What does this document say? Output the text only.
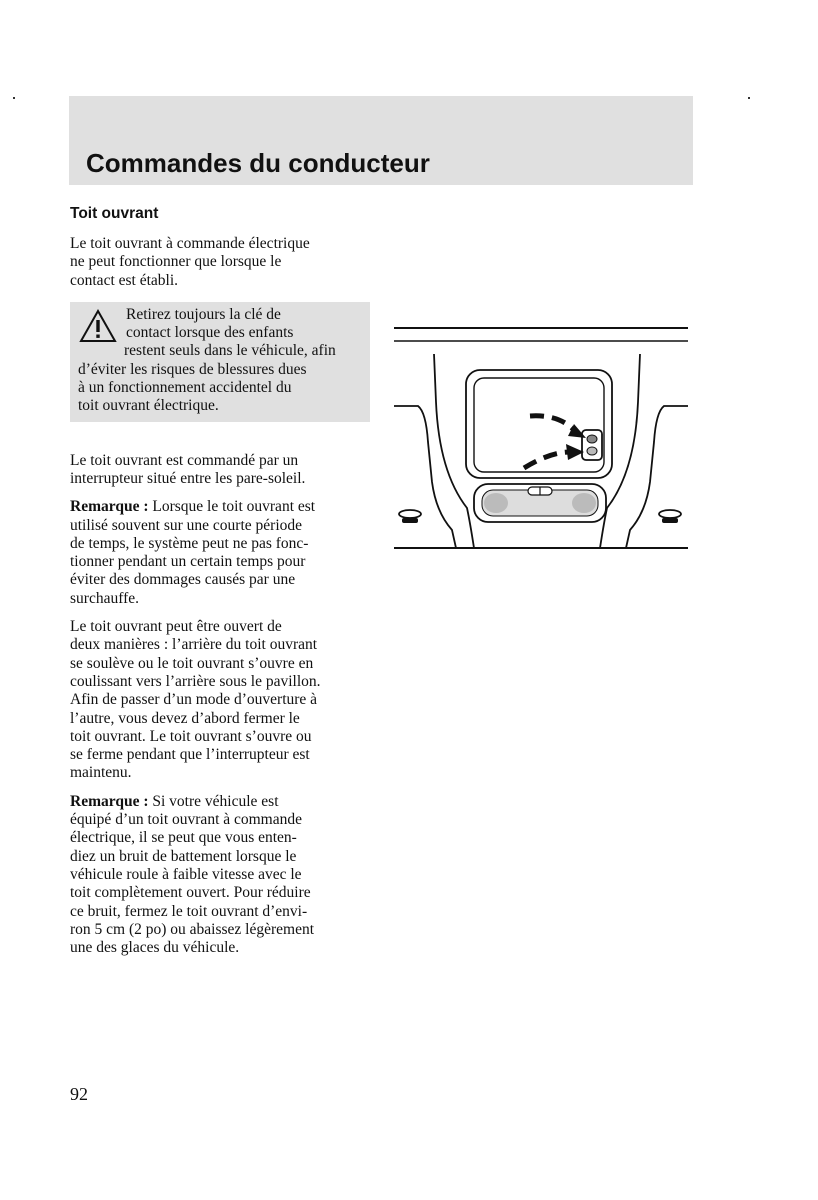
Commandes du conducteur
Toit ouvrant

Le toit ouvrant à commande électrique
ne peut fonctionner que lorsque le
contact est établi.

Retirez toujours la clé de
contact lorsque des enfants
restent seuls dans le véhicule, afin
d’éviter les risques de blessures dues
à un fonctionnement accidentel du
toit ouvrant électrique.

Le toit ouvrant est commandé par un
interrupteur situé entre les pare-soleil.

Remarque : Lorsque le toit ouvrant est
utilisé souvent sur une courte période
de temps, le système peut ne pas fonc-
tionner pendant un certain temps pour
éviter des dommages causés par une
surchauffe.

Le toit ouvrant peut être ouvert de
deux manières : l’arrière du toit ouvrant
se soulève ou le toit ouvrant s’ouvre en
coulissant vers l’arrière sous le pavillon.
Afin de passer d’un mode d’ouverture à
l’autre, vous devez d’abord fermer le
toit ouvrant. Le toit ouvrant s’ouvre ou
se ferme pendant que l’interrupteur est
maintenu.

Remarque : Si votre véhicule est
équipé d’un toit ouvrant à commande
électrique, il se peut que vous enten-
diez un bruit de battement lorsque le
véhicule roule à faible vitesse avec le
toit complètement ouvert. Pour réduire
ce bruit, fermez le toit ouvrant d’envi-
ron 5 cm (2 po) ou abaissez légèrement
une des glaces du véhicule.

92
